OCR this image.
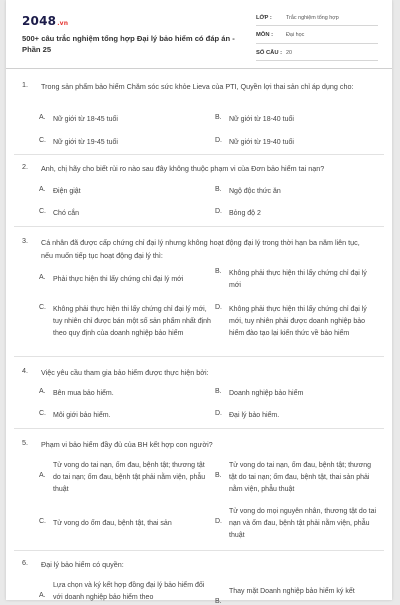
2048.vn
500+ câu trắc nghiệm tổng hợp Đại lý bảo hiểm có đáp án - Phần 25
LỚP :	Trắc nghiệm tổng hợp
MÔN :	Đại học
SỐ CÂU : 20
1. Trong sản phẩm bảo hiểm Chăm sóc sức khỏe Lieva của PTI, Quyền lợi thai sản chỉ áp dụng cho:
A.	Nữ giới từ 18-45 tuổi	B.	Nữ giới từ 18-40 tuổi
C.	Nữ giới từ 19-45 tuổi	D.	Nữ giới từ 19-40 tuổi
2. Anh, chị hãy cho biết rủi ro nào sau đây không thuộc phạm vi của Đơn bảo hiểm tai nạn?
A.	Điện giật	B.	Ngộ độc thức ăn
C.	Chó cắn	D.	Bỏng độ 2
3. Cá nhân đã được cấp chứng chỉ đại lý nhưng không hoạt động đại lý trong thời hạn ba năm liên tục, nếu muốn tiếp tục hoạt động đại lý thì:
A.	Phải thực hiện thi lấy chứng chỉ đại lý mới
B.	Không phải thực hiện thi lấy chứng chỉ đại lý mới
C.	Không phải thực hiện thi lấy chứng chỉ đại lý mới, tuy nhiên chỉ được bán một số sản phẩm nhất định theo quy định của doanh nghiệp bảo hiểm
D.	Không phải thực hiện thi lấy chứng chỉ đại lý mới, tuy nhiên phải được doanh nghiệp bảo hiểm đào tạo lại kiến thức về bảo hiểm
4. Việc yêu cầu tham gia bảo hiểm được thực hiện bởi:
A.	Bên mua bảo hiểm.	B.	Doanh nghiệp bảo hiểm
C.	Môi giới bảo hiểm.	D.	Đại lý bảo hiểm.
5. Phạm vi bảo hiểm đầy đủ của BH kết hợp con người?
A.
Tử vong do tai nạn, ốm đau, bệnh tật; thương tật do tai nạn; ốm đau, bệnh tật phải nằm viện, phẫu thuật
B.
Tử vong do tai nạn, ốm đau, bệnh tật; thương tật do tai nạn; ốm đau, bệnh tật, thai sản phải nằm viện, phẫu thuật
C.	Tử vong do ốm đau, bệnh tật, thai sản	D.
Tử vong do mọi nguyên nhân, thương tật do tai nạn và ốm đau, bệnh tật phải nằm viện, phẫu thuật
6. Đại lý bảo hiểm có quyền:
A.
Lựa chọn và ký kết hợp đồng đại lý bảo hiểm đối với doanh nghiệp bảo hiểm theo
B.
Thay mặt Doanh nghiệp bảo hiểm ký kết
